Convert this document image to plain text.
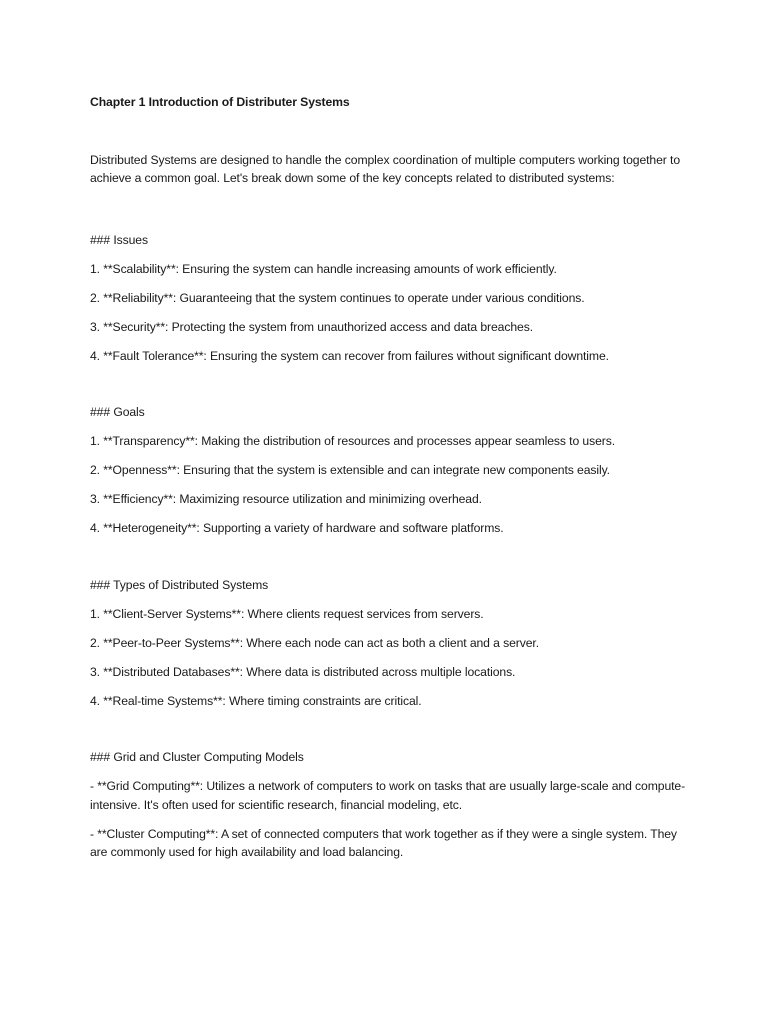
Chapter 1 Introduction of Distributer Systems

Distributed Systems are designed to handle the complex coordination of multiple computers working together to achieve a common goal. Let's break down some of the key concepts related to distributed systems:

### Issues

1. **Scalability**: Ensuring the system can handle increasing amounts of work efficiently.
2. **Reliability**: Guaranteeing that the system continues to operate under various conditions.
3. **Security**: Protecting the system from unauthorized access and data breaches.
4. **Fault Tolerance**: Ensuring the system can recover from failures without significant downtime.

### Goals

1. **Transparency**: Making the distribution of resources and processes appear seamless to users.
2. **Openness**: Ensuring that the system is extensible and can integrate new components easily.
3. **Efficiency**: Maximizing resource utilization and minimizing overhead.
4. **Heterogeneity**: Supporting a variety of hardware and software platforms.

### Types of Distributed Systems

1. **Client-Server Systems**: Where clients request services from servers.
2. **Peer-to-Peer Systems**: Where each node can act as both a client and a server.
3. **Distributed Databases**: Where data is distributed across multiple locations.
4. **Real-time Systems**: Where timing constraints are critical.

### Grid and Cluster Computing Models

- **Grid Computing**: Utilizes a network of computers to work on tasks that are usually large-scale and compute-intensive. It's often used for scientific research, financial modeling, etc.

- **Cluster Computing**: A set of connected computers that work together as if they were a single system. They are commonly used for high availability and load balancing.
